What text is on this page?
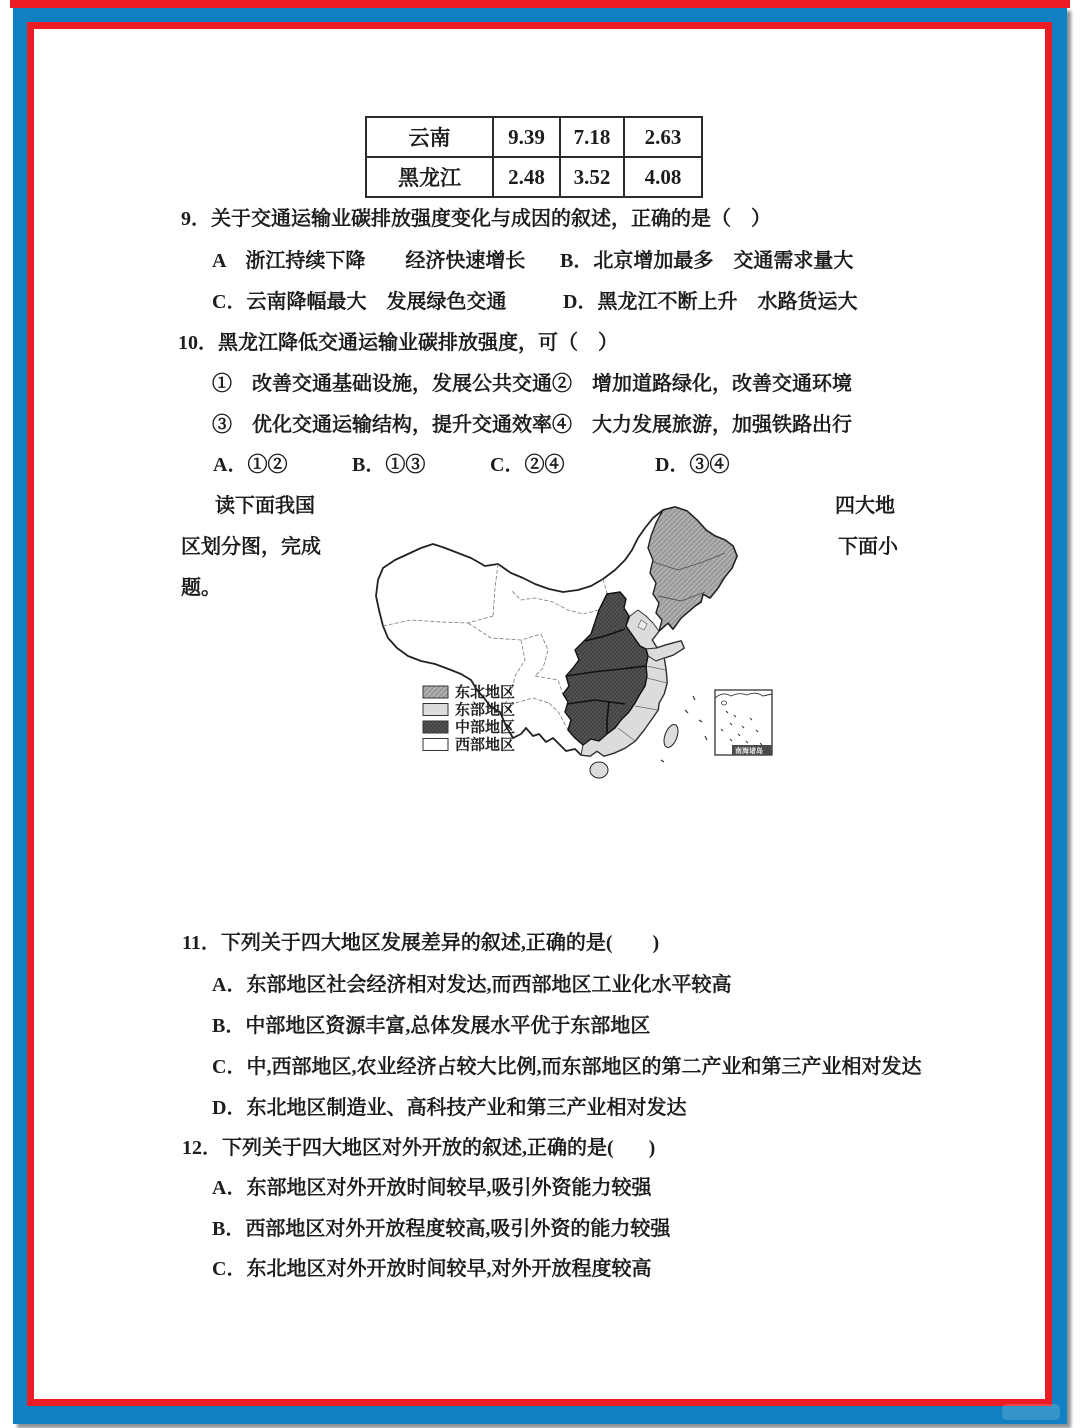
云南	9.39	7.18	2.63
黑龙江	2.48	3.52	4.08
9．关于交通运输业碳排放强度变化与成因的叙述，正确的是（　）
A　浙江持续下降　　经济快速增长 B．北京增加最多　交通需求量大
C．云南降幅最大　发展绿色交通	D．黑龙江不断上升　水路货运大
10．黑龙江降低交通运输业碳排放强度，可（　）
①　改善交通基础设施，发展公共交通 ②　增加道路绿化，改善交通环境
③　优化交通运输结构，提升交通效率 ④　大力发展旅游，加强铁路出行
A．①②	B．①③	C．②④	D．③④
读下面我国
区划分图，完成
题。
四大地
下面小
南海诸岛
东北地区
东部地区
中部地区
西部地区
11．下列关于四大地区发展差异的叙述,正确的是(        )
A．东部地区社会经济相对发达,而西部地区工业化水平较高
B．中部地区资源丰富,总体发展水平优于东部地区
C．中,西部地区,农业经济占较大比例,而东部地区的第二产业和第三产业相对发达
D．东北地区制造业、高科技产业和第三产业相对发达
12．下列关于四大地区对外开放的叙述,正确的是(       )
A．东部地区对外开放时间较早,吸引外资能力较强
B．西部地区对外开放程度较高,吸引外资的能力较强
C．东北地区对外开放时间较早,对外开放程度较高
